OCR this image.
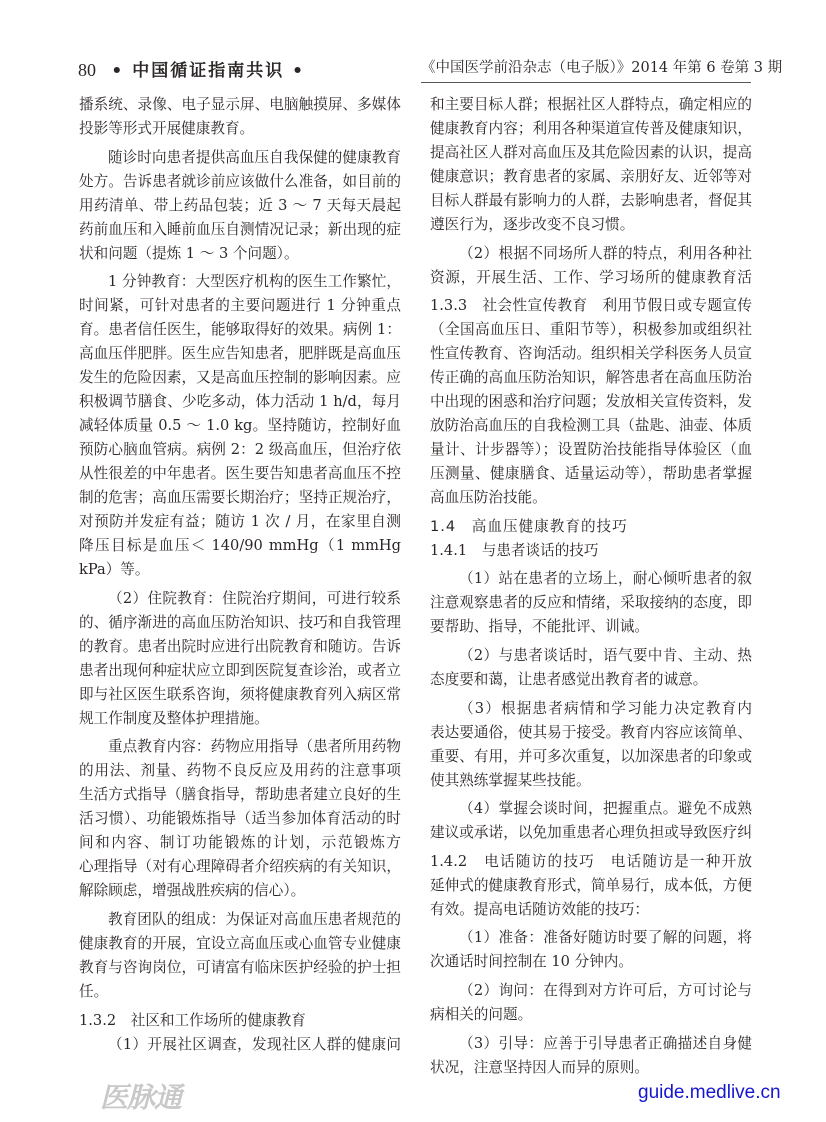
80 • 中国循证指南共识 •	《中国医学前沿杂志（电子版）》2014 年第 6 卷第 3 期
播系统、录像、电子显示屏、电脑触摸屏、多媒体
投影等形式开展健康教育。
随诊时向患者提供高血压自我保健的健康教育
处方。告诉患者就诊前应该做什么准备，如目前的
用药清单、带上药品包装；近 3 ～ 7 天每天晨起
药前血压和入睡前血压自测情况记录；新出现的症
状和问题（提炼 1 ～ 3 个问题）。
1 分钟教育：大型医疗机构的医生工作繁忙，
时间紧，可针对患者的主要问题进行 1 分钟重点
育。患者信任医生，能够取得好的效果。病例 1：
高血压伴肥胖。医生应告知患者，肥胖既是高血压
发生的危险因素，又是高血压控制的影响因素。应
积极调节膳食、少吃多动，体力活动 1 h/d，每月
减轻体质量 0.5 ～ 1.0 kg。坚持随访，控制好血
预防心脑血管病。病例 2：2 级高血压，但治疗依
从性很差的中年患者。医生要告知患者高血压不控
制的危害；高血压需要长期治疗；坚持正规治疗，
对预防并发症有益；随访 1 次 / 月，在家里自测
降压目标是血压＜ 140/90 mmHg（1 mmHg
kPa）等。
（2）住院教育：住院治疗期间，可进行较系
的、循序渐进的高血压防治知识、技巧和自我管理
的教育。患者出院时应进行出院教育和随访。告诉
患者出现何种症状应立即到医院复查诊治，或者立
即与社区医生联系咨询，须将健康教育列入病区常
规工作制度及整体护理措施。
重点教育内容：药物应用指导（患者所用药物
的用法、剂量、药物不良反应及用药的注意事项
生活方式指导（膳食指导，帮助患者建立良好的生
活习惯）、功能锻炼指导（适当参加体育活动的时
间和内容、制订功能锻炼的计划，示范锻炼方
心理指导（对有心理障碍者介绍疾病的有关知识，
解除顾虑，增强战胜疾病的信心）。
教育团队的组成：为保证对高血压患者规范的
健康教育的开展，宜设立高血压或心血管专业健康
教育与咨询岗位，可请富有临床医护经验的护士担
任。
1.3.2　社区和工作场所的健康教育
（1）开展社区调查，发现社区人群的健康问
和主要目标人群；根据社区人群特点，确定相应的
健康教育内容；利用各种渠道宣传普及健康知识，
提高社区人群对高血压及其危险因素的认识，提高
健康意识；教育患者的家属、亲朋好友、近邻等对
目标人群最有影响力的人群，去影响患者，督促其
遵医行为，逐步改变不良习惯。
（2）根据不同场所人群的特点，利用各种社
资源，开展生活、工作、学习场所的健康教育活
1.3.3　社会性宣传教育　利用节假日或专题宣传
（全国高血压日、重阳节等），积极参加或组织社
性宣传教育、咨询活动。组织相关学科医务人员宣
传正确的高血压防治知识，解答患者在高血压防治
中出现的困惑和治疗问题；发放相关宣传资料，发
放防治高血压的自我检测工具（盐匙、油壶、体质
量计、计步器等）；设置防治技能指导体验区（血
压测量、健康膳食、适量运动等），帮助患者掌握
高血压防治技能。
1.4　高血压健康教育的技巧
1.4.1　与患者谈话的技巧
（1）站在患者的立场上，耐心倾听患者的叙
注意观察患者的反应和情绪，采取接纳的态度，即
要帮助、指导，不能批评、训诫。
（2）与患者谈话时，语气要中肯、主动、热
态度要和蔼，让患者感觉出教育者的诚意。
（3）根据患者病情和学习能力决定教育内
表达要通俗，使其易于接受。教育内容应该简单、
重要、有用，并可多次重复，以加深患者的印象或
使其熟练掌握某些技能。
（4）掌握会谈时间，把握重点。避免不成熟
建议或承诺，以免加重患者心理负担或导致医疗纠
1.4.2　电话随访的技巧　电话随访是一种开放
延伸式的健康教育形式，简单易行，成本低，方便
有效。提高电话随访效能的技巧：
（1）准备：准备好随访时要了解的问题，将
次通话时间控制在 10 分钟内。
（2）询问：在得到对方许可后，方可讨论与
病相关的问题。
（3）引导：应善于引导患者正确描述自身健
状况，注意坚持因人而异的原则。
医脉通	guide.medlive.cn
